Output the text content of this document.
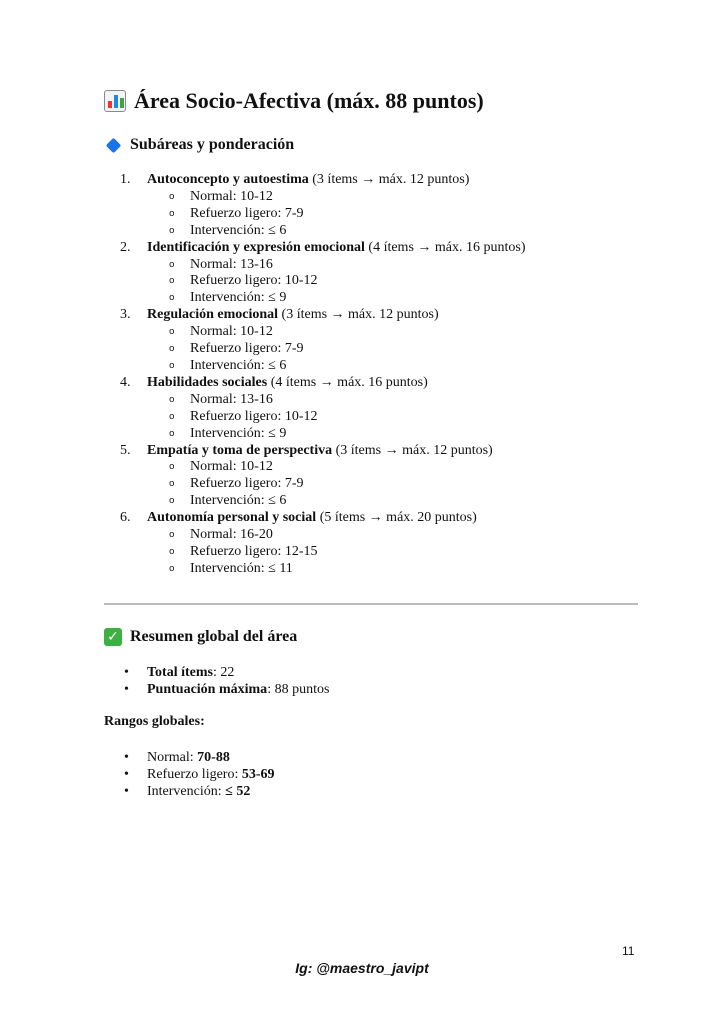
Área Socio-Afectiva (máx. 88 puntos)
Subáreas y ponderación
1.	Autoconcepto y autoestima
(3 ítems → máx. 12 puntos)
o	Normal: 10-12
o	Refuerzo ligero: 7-9
o	Intervención: ≤ 6
2.	Identificación y expresión emocional
(4 ítems → máx. 16 puntos)
o	Normal: 13-16
o	Refuerzo ligero: 10-12
o	Intervención: ≤ 9
3.	Regulación emocional
(3 ítems → máx. 12 puntos)
o	Normal: 10-12
o	Refuerzo ligero: 7-9
o	Intervención: ≤ 6
4.	Habilidades sociales
(4 ítems → máx. 16 puntos)
o	Normal: 13-16
o	Refuerzo ligero: 10-12
o	Intervención: ≤ 9
5.	Empatía y toma de perspectiva
(3 ítems → máx. 12 puntos)
o	Normal: 10-12
o	Refuerzo ligero: 7-9
o	Intervención: ≤ 6
6.	Autonomía personal y social
(5 ítems → máx. 20 puntos)
o	Normal: 16-20
o	Refuerzo ligero: 12-15
o	Intervención: ≤ 11
✓ Resumen global del área
•	Total ítems : 22
•	Puntuación máxima : 88 puntos

Rangos globales:

•	Normal:
70-88
•	Refuerzo ligero:
53-69
•	Intervención:
≤ 52
11
Ig: @maestro_javipt
